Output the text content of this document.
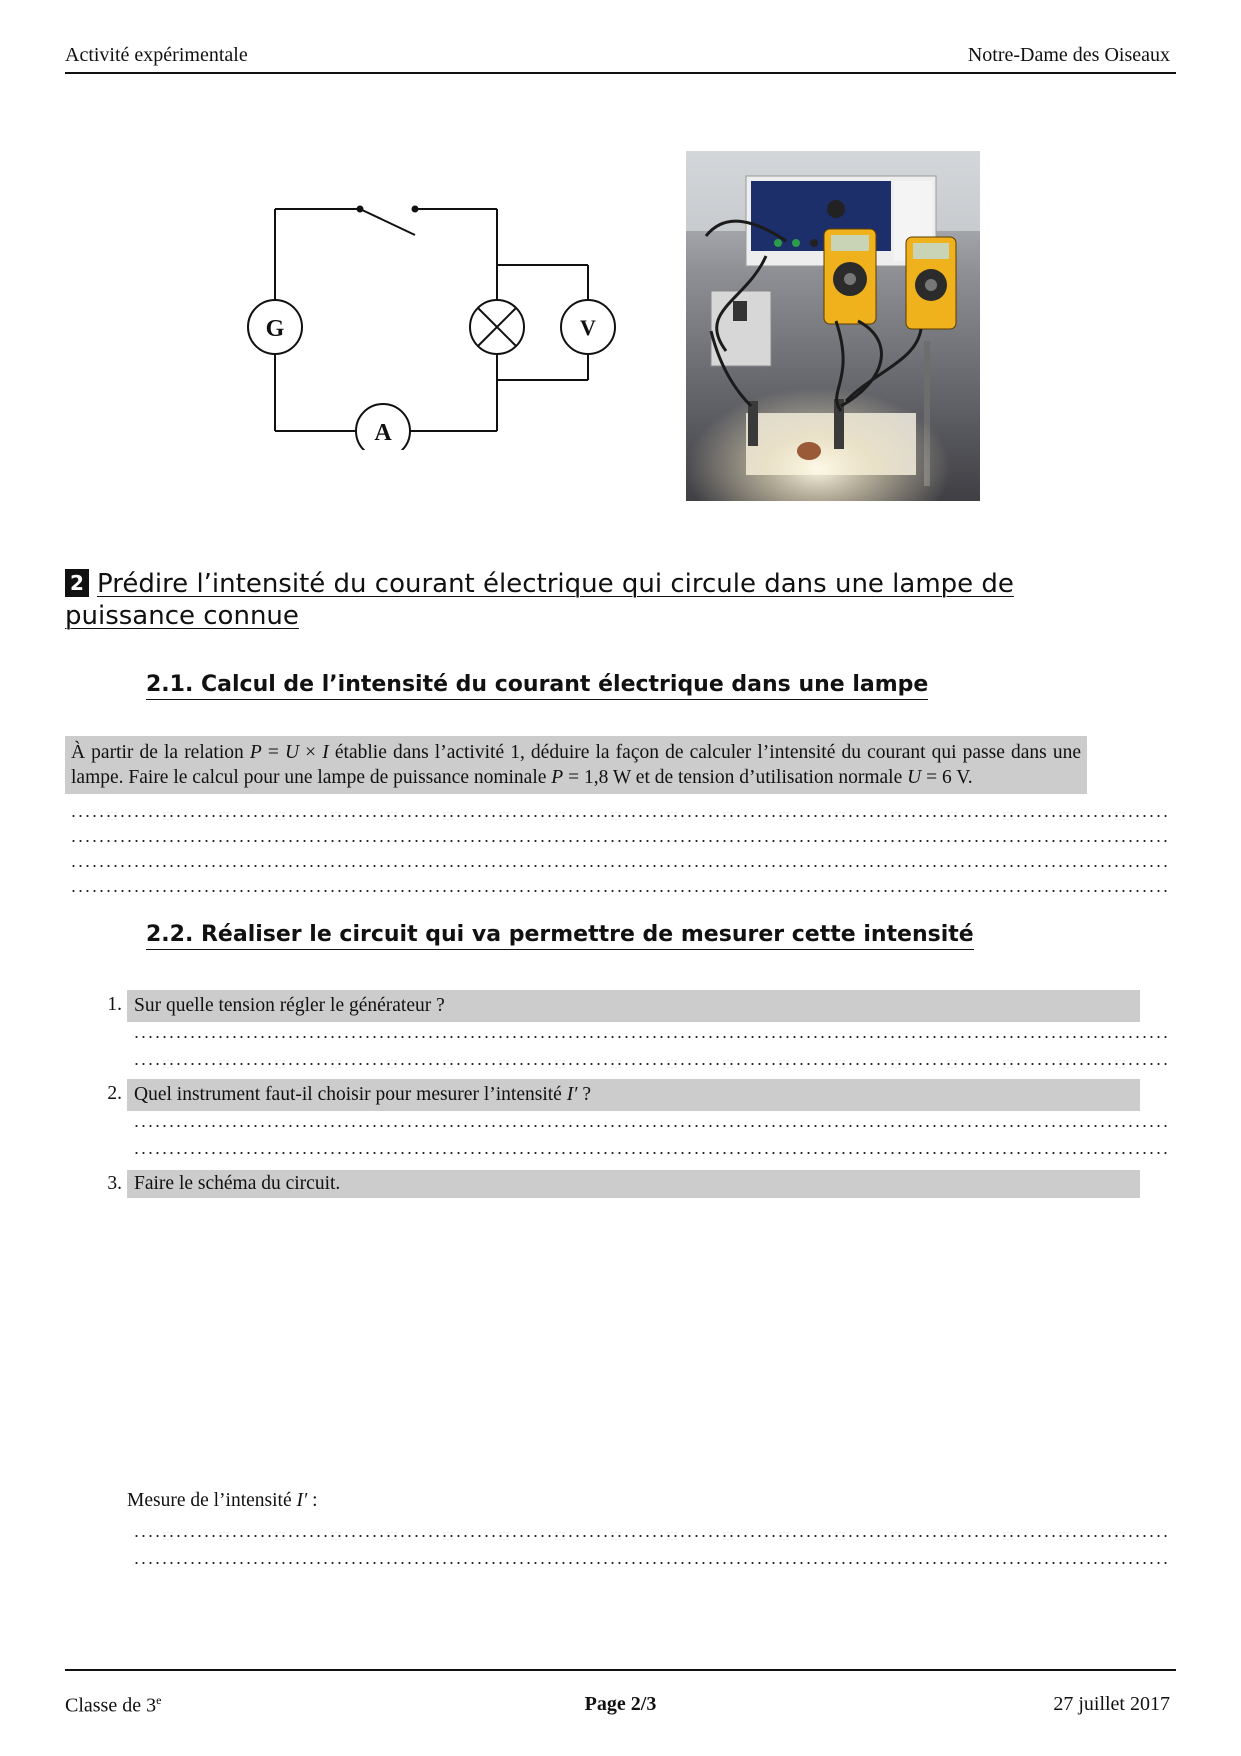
Activité expérimentale	Notre-Dame des Oiseaux
G	V
A
2 Prédire l’intensité du courant électrique qui circule dans une lampe de
puissance connue
2.1. Calcul de l’intensité du courant électrique dans une lampe
À partir de la relation P = U × I établie dans l’activité 1, déduire la façon de calculer l’intensité du courant qui passe dans une lampe. Faire le calcul pour une lampe de puissance nominale P = 1,8 W et de tension d’utilisation normale U = 6 V.
2.2. Réaliser le circuit qui va permettre de mesurer cette intensité
1. Sur quelle tension régler le générateur ?
2. Quel instrument faut-il choisir pour mesurer l’intensité I′ ?
3. Faire le schéma du circuit.
Mesure de l’intensité I′ :
Classe de 3e	Page 2/3	27 juillet 2017
